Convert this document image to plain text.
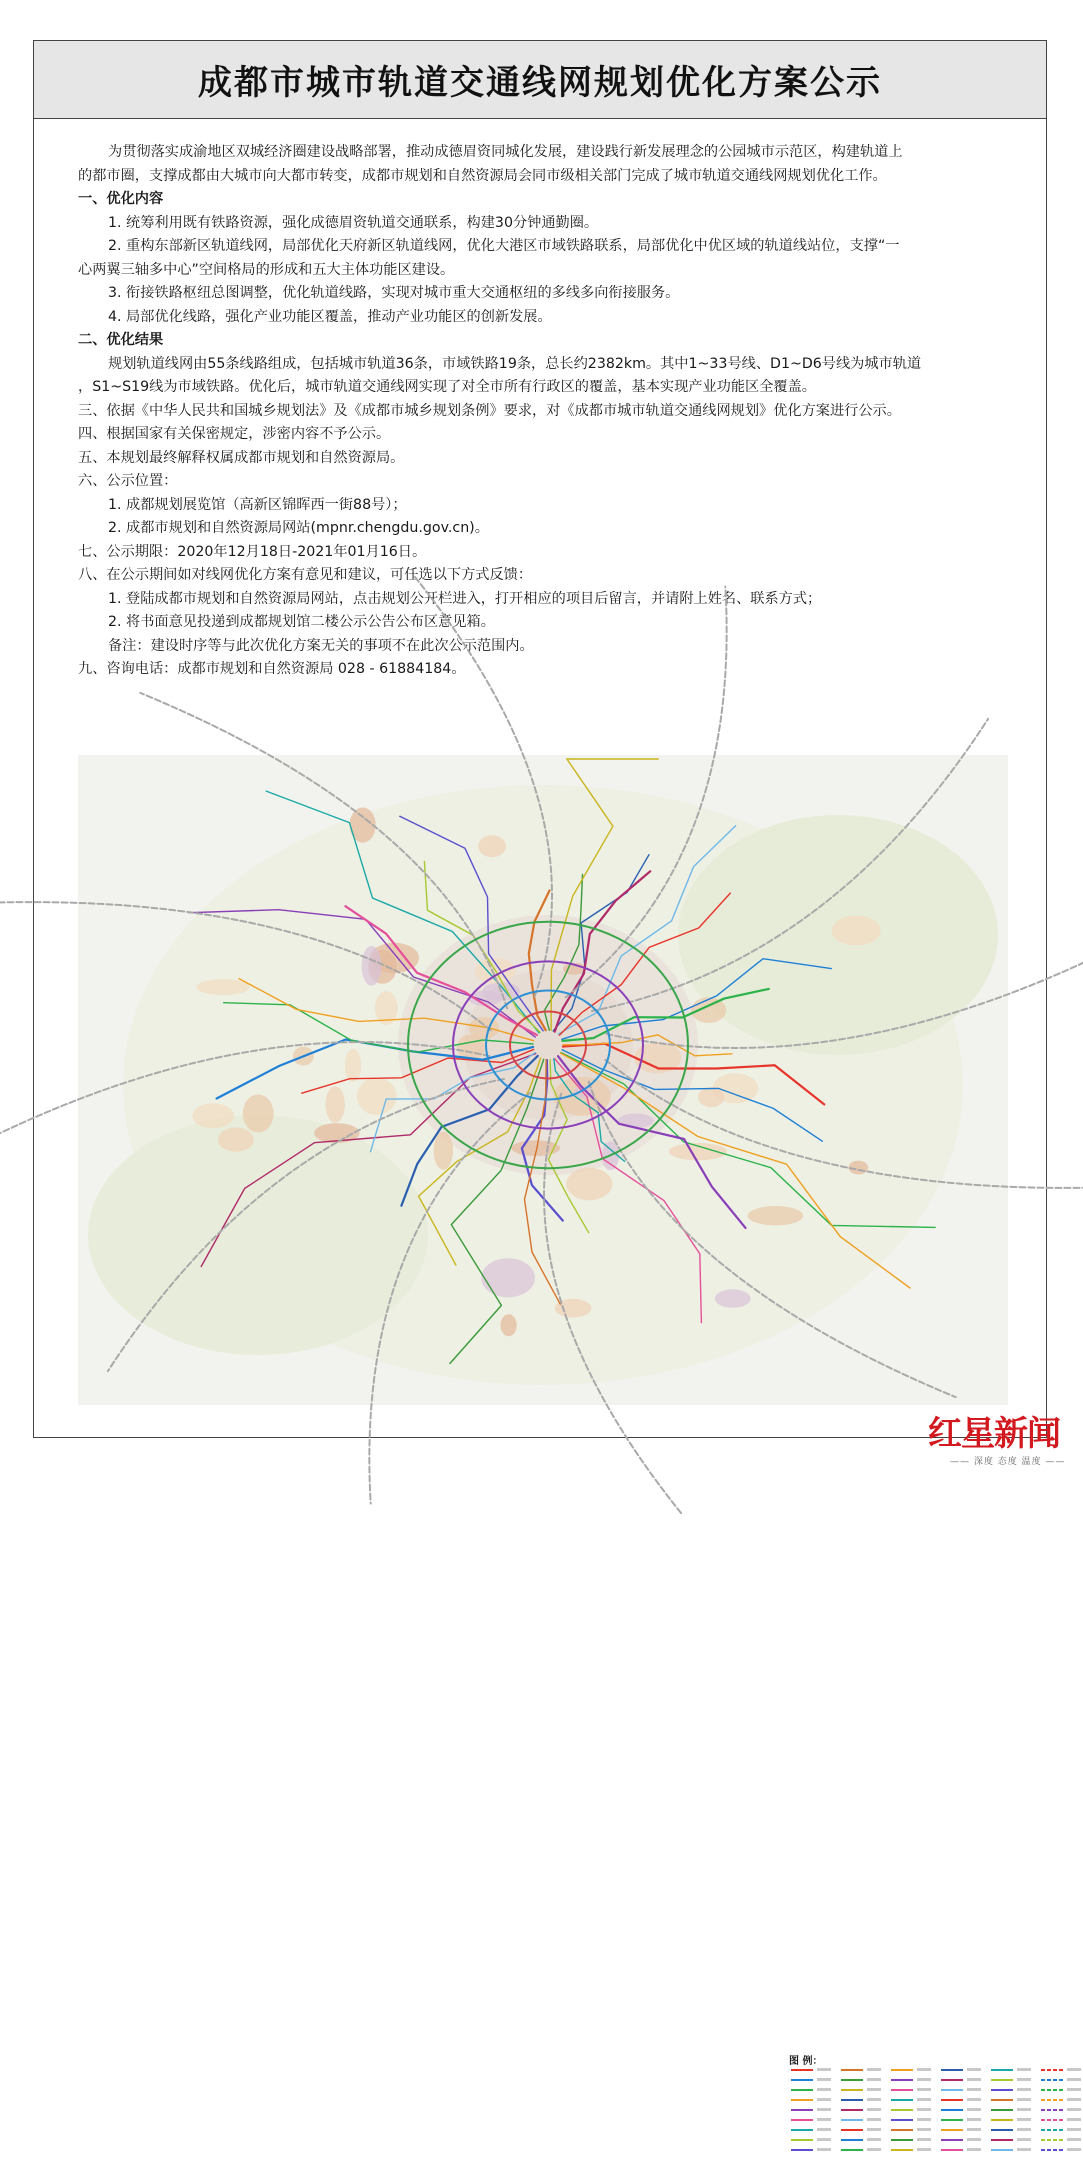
成都市城市轨道交通线网规划优化方案公示

为贯彻落实成渝地区双城经济圈建设战略部署，推动成德眉资同城化发展，建设践行新发展理念的公园城市示范区，构建轨道上

的都市圈，支撑成都由大城市向大都市转变，成都市规划和自然资源局会同市级相关部门完成了城市轨道交通线网规划优化工作。

一、优化内容

1. 统筹利用既有铁路资源，强化成德眉资轨道交通联系，构建30分钟通勤圈。

2. 重构东部新区轨道线网，局部优化天府新区轨道线网，优化大港区市域铁路联系，局部优化中优区域的轨道线站位，支撑“一

心两翼三轴多中心”空间格局的形成和五大主体功能区建设。

3. 衔接铁路枢纽总图调整，优化轨道线路，实现对城市重大交通枢纽的多线多向衔接服务。

4. 局部优化线路，强化产业功能区覆盖，推动产业功能区的创新发展。

二、优化结果

规划轨道线网由55条线路组成，包括城市轨道36条，市域铁路19条，总长约2382km。其中1~33号线、D1~D6号线为城市轨道

，S1~S19线为市域铁路。优化后，城市轨道交通线网实现了对全市所有行政区的覆盖，基本实现产业功能区全覆盖。

三、依据《中华人民共和国城乡规划法》及《成都市城乡规划条例》要求，对《成都市城市轨道交通线网规划》优化方案进行公示。

四、根据国家有关保密规定，涉密内容不予公示。

五、本规划最终解释权属成都市规划和自然资源局。

六、公示位置：

1. 成都规划展览馆（高新区锦晖西一街88号）；

2. 成都市规划和自然资源局网站(mpnr.chengdu.gov.cn)。

七、公示期限：2020年12月18日-2021年01月16日。

八、在公示期间如对线网优化方案有意见和建议，可任选以下方式反馈：

1. 登陆成都市规划和自然资源局网站，点击规划公开栏进入，打开相应的项目后留言，并请附上姓名、联系方式；

2. 将书面意见投递到成都规划馆二楼公示公告公布区意见箱。

备注：建设时序等与此次优化方案无关的事项不在此次公示范围内。

九、咨询电话：成都市规划和自然资源局 028 - 61884184。

图 例：
红星新闻
—— 深度 态度 温度 ——
